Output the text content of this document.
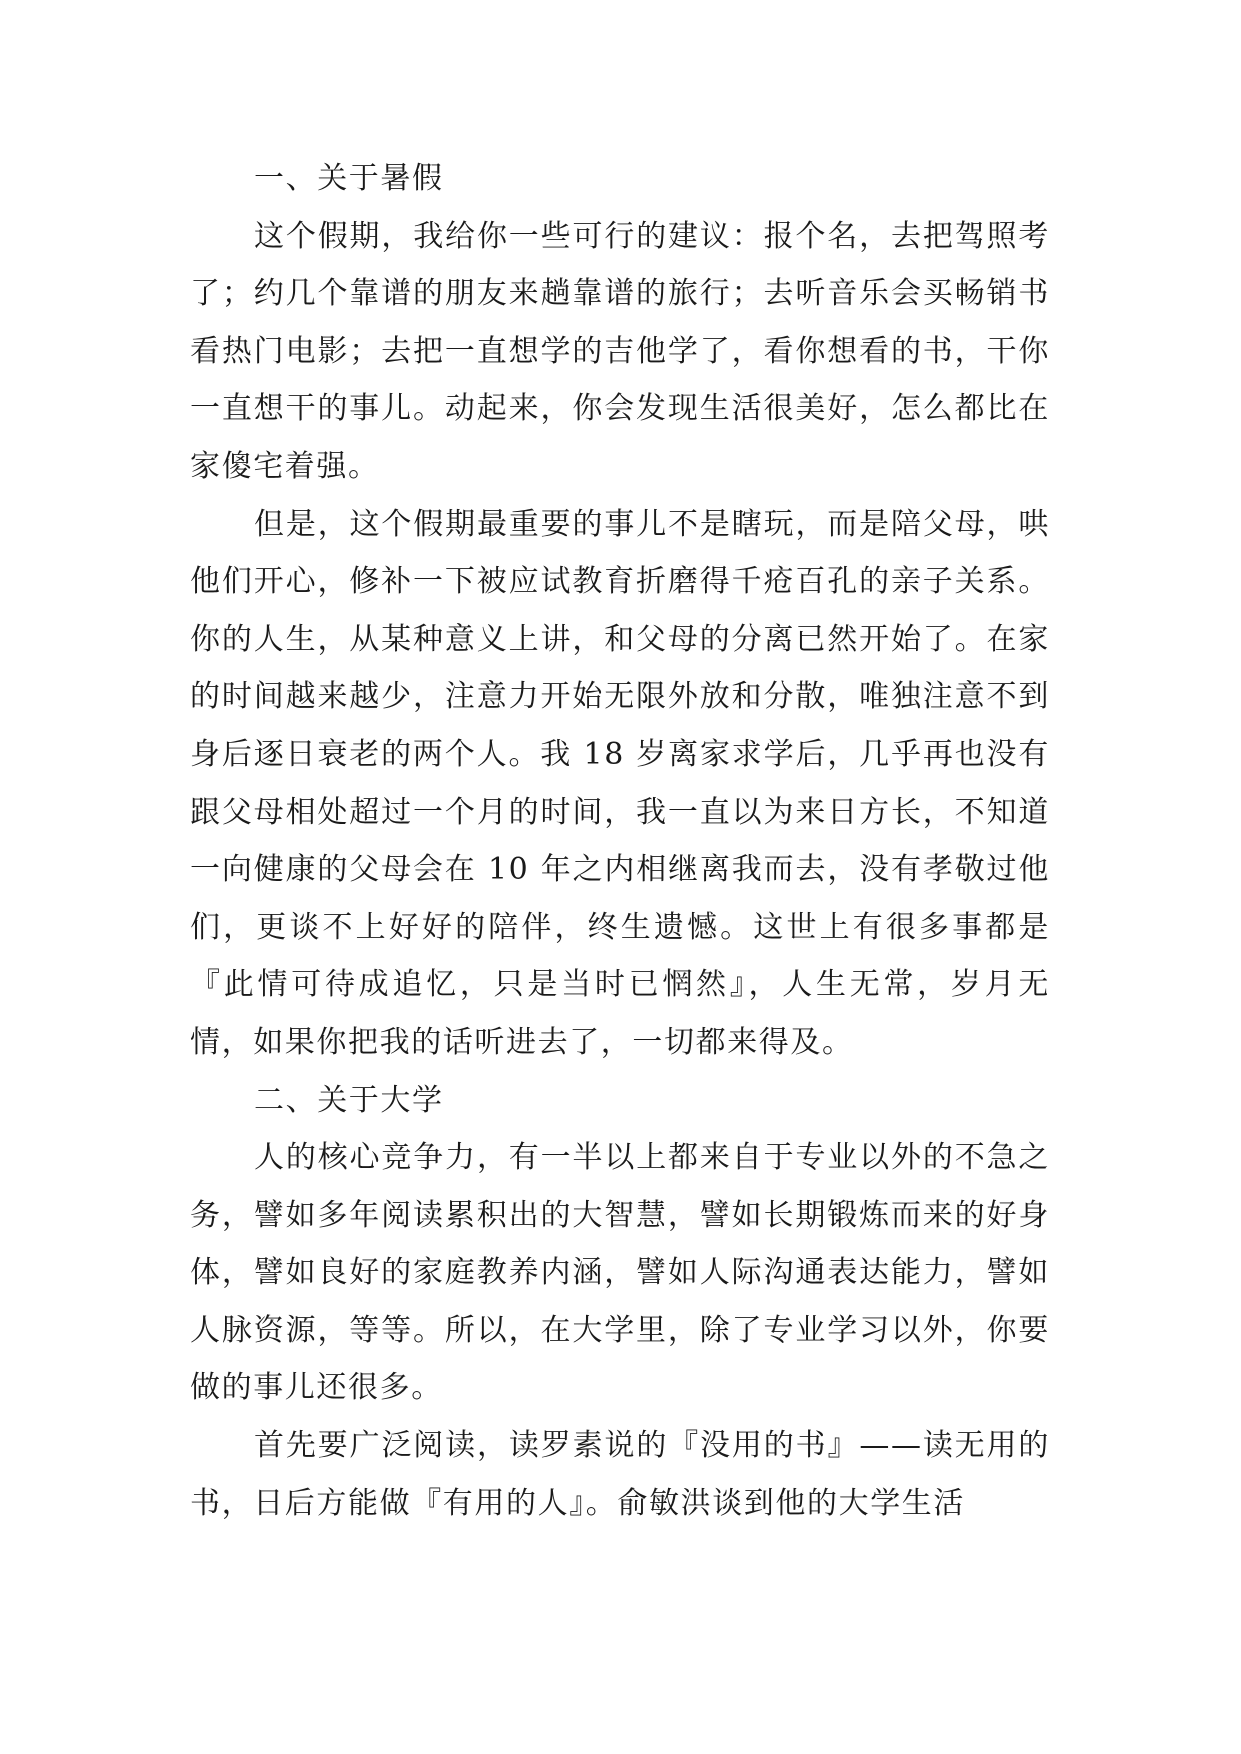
一、关于暑假

这个假期，我给你一些可行的建议：报个名，去把驾照考了；约几个靠谱的朋友来趟靠谱的旅行；去听音乐会买畅销书看热门电影；去把一直想学的吉他学了，看你想看的书，干你一直想干的事儿。动起来，你会发现生活很美好，怎么都比在家傻宅着强。

但是，这个假期最重要的事儿不是瞎玩，而是陪父母，哄他们开心，修补一下被应试教育折磨得千疮百孔的亲子关系。你的人生，从某种意义上讲，和父母的分离已然开始了。在家的时间越来越少，注意力开始无限外放和分散，唯独注意不到身后逐日衰老的两个人。我 18 岁离家求学后，几乎再也没有跟父母相处超过一个月的时间，我一直以为来日方长，不知道一向健康的父母会在 10 年之内相继离我而去，没有孝敬过他们，更谈不上好好的陪伴，终生遗憾。这世上有很多事都是『此情可待成追忆，只是当时已惘然』，人生无常，岁月无情，如果你把我的话听进去了，一切都来得及。

二、关于大学

人的核心竞争力，有一半以上都来自于专业以外的不急之务，譬如多年阅读累积出的大智慧，譬如长期锻炼而来的好身体，譬如良好的家庭教养内涵，譬如人际沟通表达能力，譬如人脉资源，等等。所以，在大学里，除了专业学习以外，你要做的事儿还很多。

首先要广泛阅读，读罗素说的『没用的书』——读无用的书，日后方能做『有用的人』。俞敏洪谈到他的大学生活
